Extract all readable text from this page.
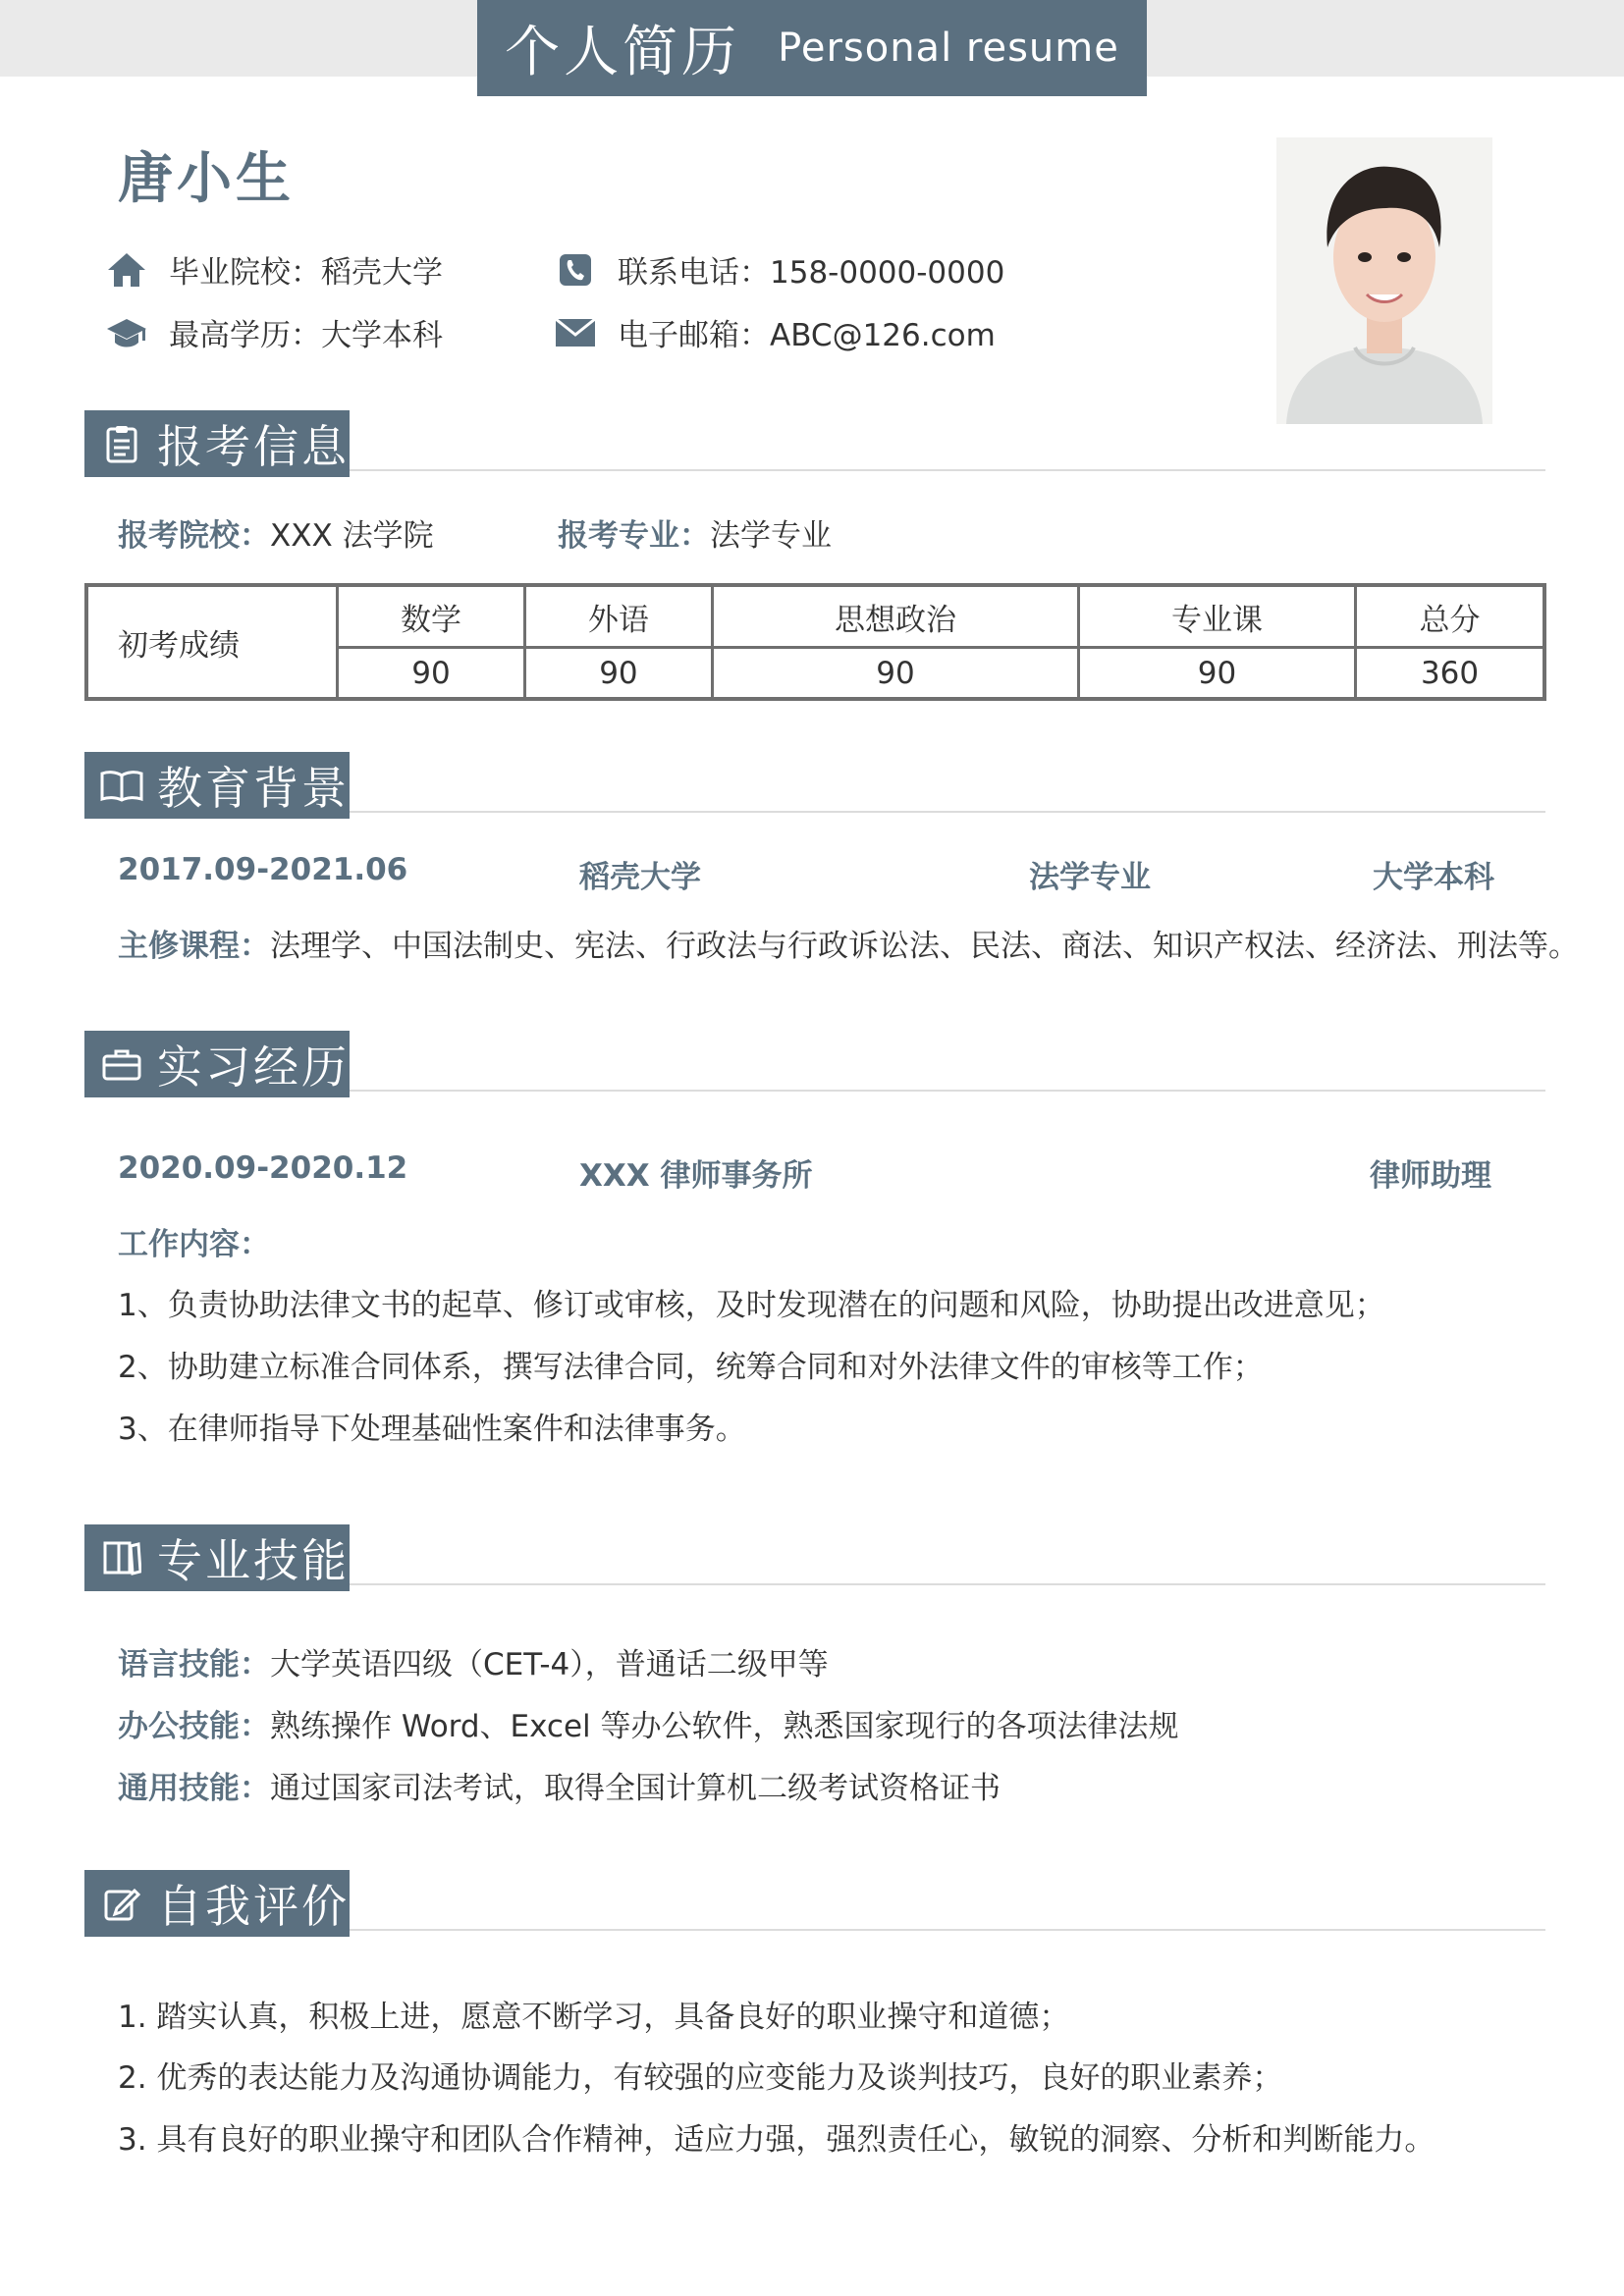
个人简历 Personal resume
唐小生
毕业院校：稻壳大学
最高学历：大学本科
联系电话：158-0000-0000
电子邮箱：ABC@126.com
报考信息
报考院校：XXX 法学院	报考专业：法学专业
初考成绩	数学	外语	思想政治	专业课	总分
	90	90	90	90	360
教育背景
2017.09-2021.06	稻壳大学	法学专业	大学本科
主修课程：法理学、中国法制史、宪法、行政法与行政诉讼法、民法、商法、知识产权法、经济法、刑法等。
实习经历
2020.09-2020.12	XXX 律师事务所	律师助理
工作内容：
1、负责协助法律文书的起草、修订或审核，及时发现潜在的问题和风险，协助提出改进意见；
2、协助建立标准合同体系，撰写法律合同，统筹合同和对外法律文件的审核等工作；
3、在律师指导下处理基础性案件和法律事务。
专业技能
语言技能：大学英语四级（CET-4），普通话二级甲等
办公技能：熟练操作 Word、Excel 等办公软件，熟悉国家现行的各项法律法规
通用技能：通过国家司法考试，取得全国计算机二级考试资格证书
自我评价
1. 踏实认真，积极上进，愿意不断学习，具备良好的职业操守和道德；
2. 优秀的表达能力及沟通协调能力，有较强的应变能力及谈判技巧，良好的职业素养；
3. 具有良好的职业操守和团队合作精神，适应力强，强烈责任心，敏锐的洞察、分析和判断能力。
